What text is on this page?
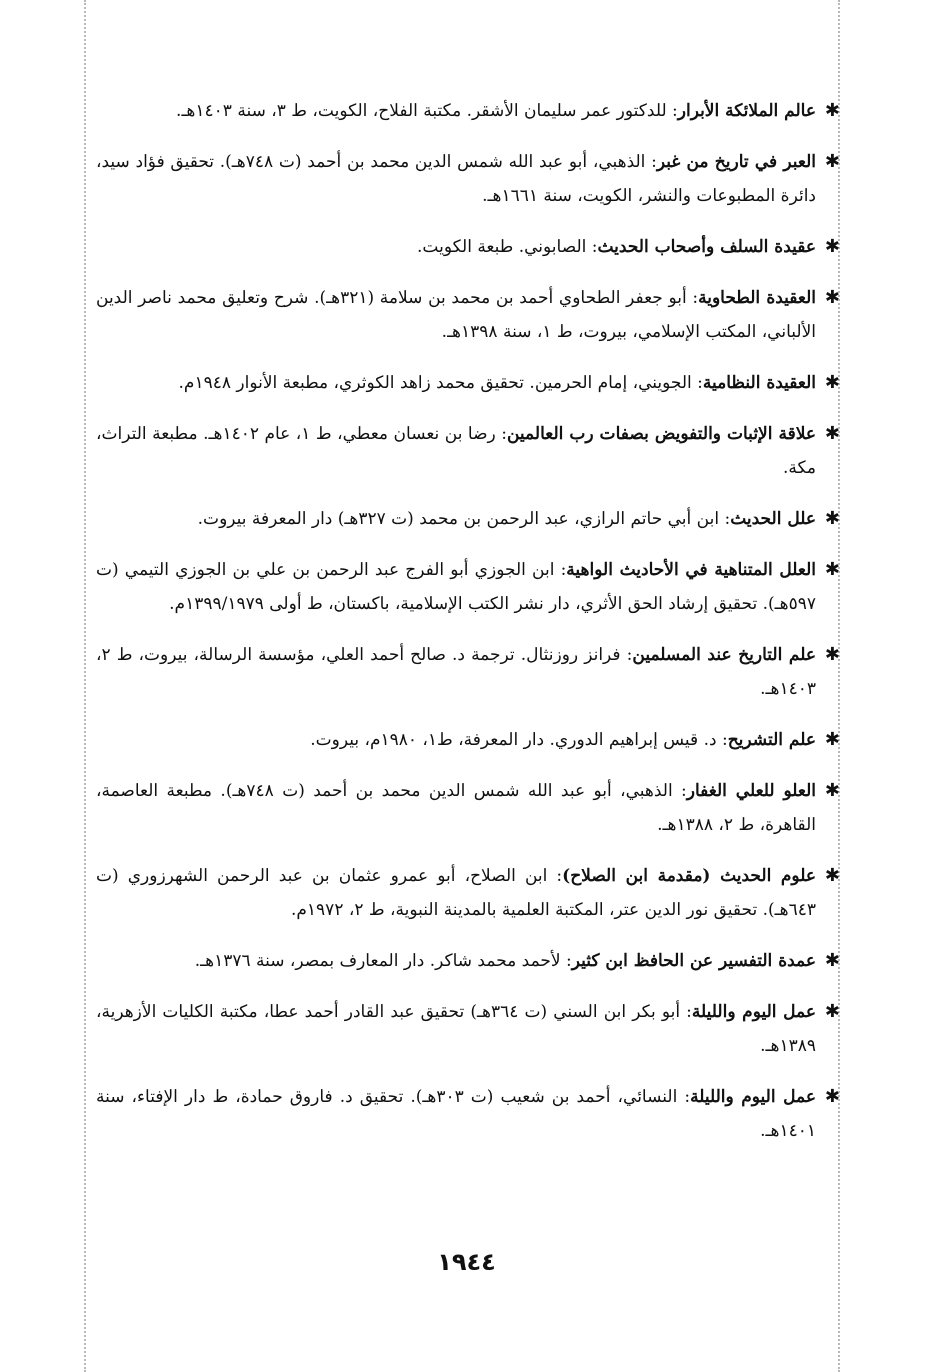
✱
عالم الملائكة الأبرار: للدكتور عمر سليمان الأشقر. مكتبة الفلاح، الكويت، ط ٣، سنة ١٤٠٣هـ.
✱
العبر في تاريخ من غبر: الذهبي، أبو عبد الله شمس الدين محمد بن أحمد (ت ٧٤٨هـ). تحقيق فؤاد سيد، دائرة المطبوعات والنشر، الكويت، سنة ١٦٦١هـ.
✱
عقيدة السلف وأصحاب الحديث: الصابوني. طبعة الكويت.
✱
العقيدة الطحاوية: أبو جعفر الطحاوي أحمد بن محمد بن سلامة (٣٢١هـ). شرح وتعليق محمد ناصر الدين الألباني، المكتب الإسلامي، بيروت، ط ١، سنة ١٣٩٨هـ.
✱
العقيدة النظامية: الجويني، إمام الحرمين. تحقيق محمد زاهد الكوثري، مطبعة الأنوار ١٩٤٨م.
✱
علاقة الإثبات والتفويض بصفات رب العالمين: رضا بن نعسان معطي، ط ١، عام ١٤٠٢هـ. مطبعة التراث، مكة.
✱
علل الحديث: ابن أبي حاتم الرازي، عبد الرحمن بن محمد (ت ٣٢٧هـ) دار المعرفة بيروت.
✱
العلل المتناهية في الأحاديث الواهية: ابن الجوزي أبو الفرج عبد الرحمن بن علي بن الجوزي التيمي (ت ٥٩٧هـ). تحقيق إرشاد الحق الأثري، دار نشر الكتب الإسلامية، باكستان، ط أولى ١٣٩٩/١٩٧٩م.
✱
علم التاريخ عند المسلمين: فرانز روزنثال. ترجمة د. صالح أحمد العلي، مؤسسة الرسالة، بيروت، ط ٢، ١٤٠٣هـ.
✱
علم التشريح: د. قيس إبراهيم الدوري. دار المعرفة، ط١، ١٩٨٠م، بيروت.
✱
العلو للعلي الغفار: الذهبي، أبو عبد الله شمس الدين محمد بن أحمد (ت ٧٤٨هـ). مطبعة العاصمة، القاهرة، ط ٢، ١٣٨٨هـ.
✱
علوم الحديث (مقدمة ابن الصلاح): ابن الصلاح، أبو عمرو عثمان بن عبد الرحمن الشهرزوري (ت ٦٤٣هـ). تحقيق نور الدين عتر، المكتبة العلمية بالمدينة النبوية، ط ٢، ١٩٧٢م.
✱
عمدة التفسير عن الحافظ ابن كثير: لأحمد محمد شاكر. دار المعارف بمصر، سنة ١٣٧٦هـ.
✱
عمل اليوم والليلة: أبو بكر ابن السني (ت ٣٦٤هـ) تحقيق عبد القادر أحمد عطا، مكتبة الكليات الأزهرية، ١٣٨٩هـ.
✱
عمل اليوم والليلة: النسائي، أحمد بن شعيب (ت ٣٠٣هـ). تحقيق د. فاروق حمادة، ط دار الإفتاء، سنة ١٤٠١هـ.
١٩٤٤
